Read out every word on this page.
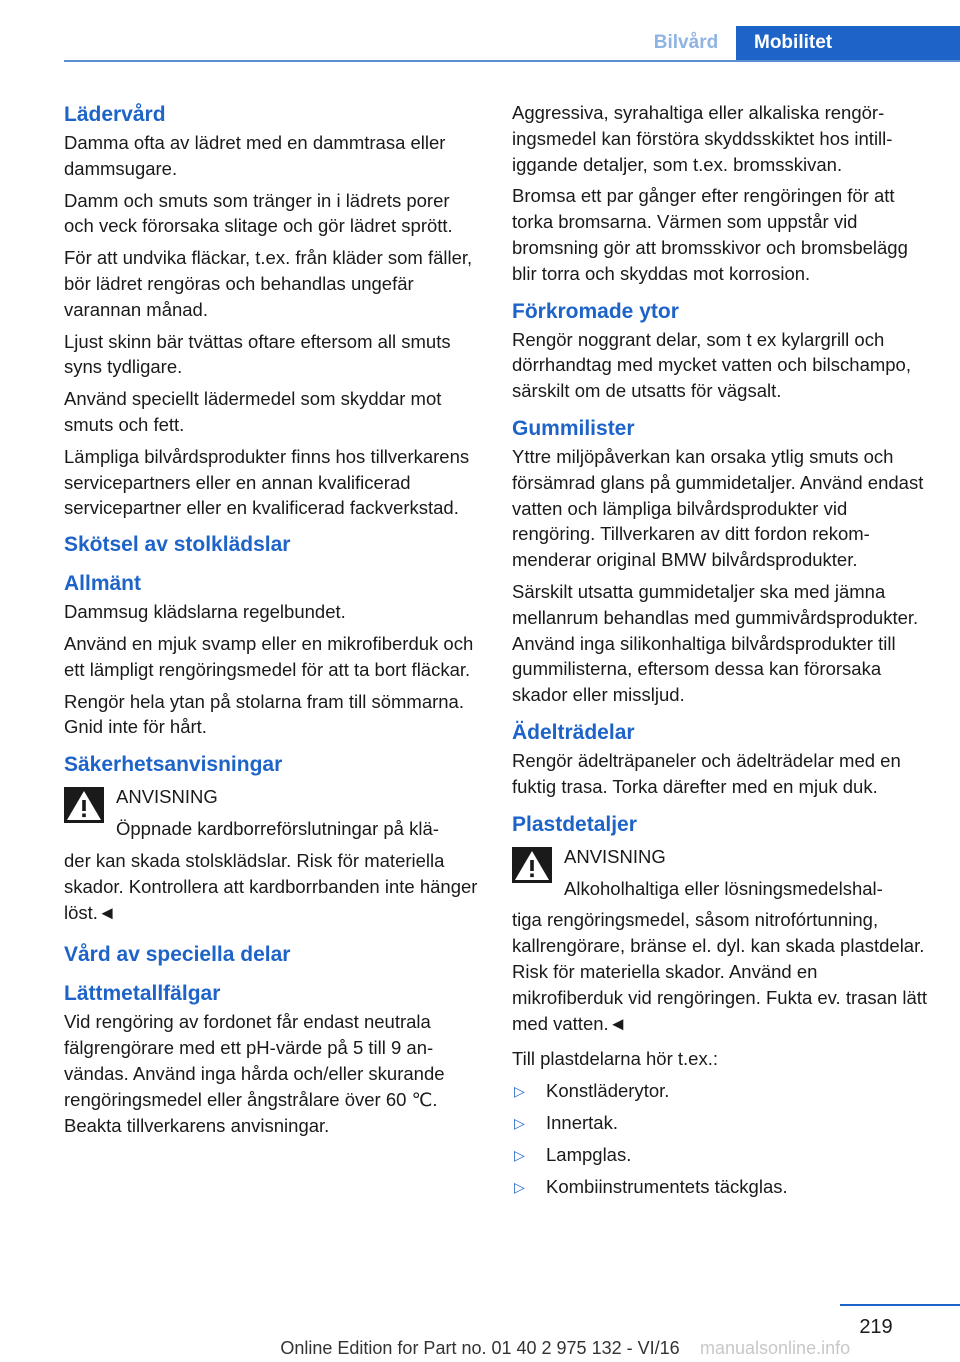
Bilvård	Mobilitet
Lädervård

Damma ofta av lädret med en dammtrasa eller dammsugare.

Damm och smuts som tränger in i lädrets porer och veck förorsaka slitage och gör lädret sprött.

För att undvika fläckar, t.ex. från kläder som fäller, bör lädret rengöras och behandlas ungefär varannan månad.

Ljust skinn bär tvättas oftare eftersom all smuts syns tydligare.

Använd speciellt lädermedel som skyddar mot smuts och fett.

Lämpliga bilvårdsprodukter finns hos tillverkarens servicepartners eller en annan kvalificerad servicepartner eller en kvalificerad fackverkstad.

Skötsel av stolklädslar
Allmänt

Dammsug klädslarna regelbundet.

Använd en mjuk svamp eller en mikrofiberduk och ett lämpligt rengöringsmedel för att ta bort fläckar.

Rengör hela ytan på stolarna fram till sömmarna. Gnid inte för hårt.

Säkerhetsanvisningar

ANVISNING

Öppnade kardborreförslutningar på klä-

der kan skada stolsklädslar. Risk för materiella skador. Kontrollera att kardborrbanden inte hänger löst.◄

Vård av speciella delar
Lättmetallfälgar

Vid rengöring av fordonet får endast neutrala fälgrengörare med ett pH-värde på 5 till 9 användas. Använd inga hårda och/eller skurande rengöringsmedel eller ångstrålare över 60 ℃. Beakta tillverkarens anvisningar.

Aggressiva, syrahaltiga eller alkaliska rengöringsmedel kan förstöra skyddsskiktet hos intilliggande detaljer, som t.ex. bromsskivan.

Bromsa ett par gånger efter rengöringen för att torka bromsarna. Värmen som uppstår vid bromsning gör att bromsskivor och bromsbelägg blir torra och skyddas mot korrosion.

Förkromade ytor

Rengör noggrant delar, som t ex kylargrill och dörrhandtag med mycket vatten och bilschampo, särskilt om de utsatts för vägsalt.

Gummilister

Yttre miljöpåverkan kan orsaka ytlig smuts och försämrad glans på gummidetaljer. Använd endast vatten och lämpliga bilvårdsprodukter vid rengöring. Tillverkaren av ditt fordon rekommenderar original BMW bilvårdsprodukter.

Särskilt utsatta gummidetaljer ska med jämna mellanrum behandlas med gummivårdsprodukter. Använd inga silikonhaltiga bilvårdsprodukter till gummilisterna, eftersom dessa kan förorsaka skador eller missljud.

Ädelträdelar

Rengör ädelträpaneler och ädelträdelar med en fuktig trasa. Torka därefter med en mjuk duk.

Plastdetaljer

ANVISNING

Alkoholhaltiga eller lösningsmedelshal-

tiga rengöringsmedel, såsom nitrofórtunning, kallrengörare, bränse el. dyl. kan skada plastdelar. Risk för materiella skador. Använd en mikrofiberduk vid rengöringen. Fukta ev. trasan lätt med vatten.◄

Till plastdelarna hör t.ex.:

▷ Konstläderytor.
▷ Innertak.
▷ Lampglas.
▷ Kombiinstrumentets täckglas.
219
Online Edition for Part no. 01 40 2 975 132 - VI/16	manualsonline.info
